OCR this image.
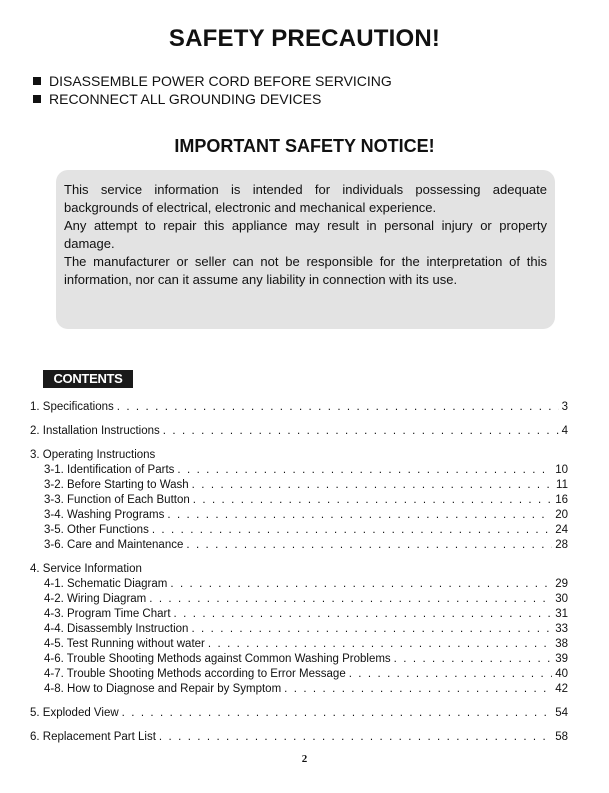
SAFETY PRECAUTION!
DISASSEMBLE POWER CORD BEFORE SERVICING
RECONNECT ALL GROUNDING DEVICES
IMPORTANT SAFETY NOTICE!

This service information is intended for individuals possessing adequate backgrounds of electrical, electronic and mechanical experience.

Any attempt to repair this appliance may result in personal injury or property damage.

The manufacturer or seller can not be responsible for the interpretation of this information, nor can it assume any liability in connection with its use.

CONTENTS
1. Specifications . . .	3
2. Installation Instructions . . .	4
3. Operating Instructions
3-1. Identification of Parts . . .	10
3-2. Before Starting to Wash . . .	11
3-3. Function of Each Button . . .	16
3-4. Washing Programs . . .	20
3-5. Other Functions . . .	24
3-6. Care and Maintenance . . .	28
4. Service Information
4-1. Schematic Diagram . . .	29
4-2. Wiring Diagram . . .	30
4-3. Program Time Chart . . .	31
4-4. Disassembly Instruction . . .	33
4-5. Test Running without water . . .	38
4-6. Trouble Shooting Methods against Common Washing Problems . . .	39
4-7. Trouble Shooting Methods according to Error Message . . .	40
4-8. How to Diagnose and Repair by Symptom . . .	42
5. Exploded View . . .	54
6. Replacement Part List . . .	58
2
